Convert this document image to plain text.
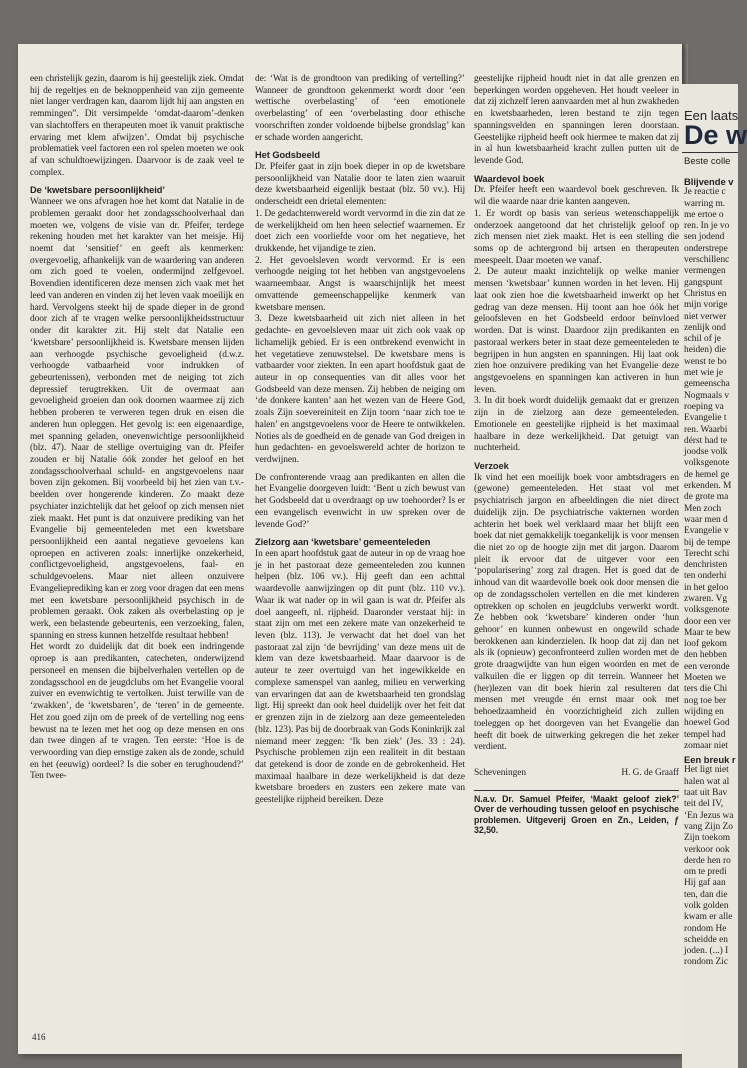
een christelijk gezin, daarom is hij geestelijk ziek. Omdat hij de regeltjes en de beknoppenheid van zijn gemeente niet langer verdragen kan, daarom lijdt hij aan angsten en remmingen”. Dit versimpelde ‘omdat-daarom’-denken van slachtoffers en therapeuten moet ik vanuit praktische ervaring met klem afwijzen’. Omdat bij psychische problematiek veel factoren een rol spelen moeten we ook af van schuldtoewijzingen. Daarvoor is de zaak veel te complex.

De ‘kwetsbare persoonlijkheid’

Wanneer we ons afvragen hoe het komt dat Natalie in de problemen geraakt door het zondagsschoolverhaal dan moeten we, volgens de visie van dr. Pfeifer, terdege rekening houden met het karakter van het meisje. Hij noemt dat ‘sensitief’ en geeft als kenmerken: overgevoelig, afhankelijk van de waardering van anderen om zich goed te voelen, ondermijnd zelfgevoel. Bovendien identificeren deze mensen zich vaak met het leed van anderen en vinden zij het leven vaak moeilijk en hard. Vervolgens steekt hij de spade dieper in de grond door zich af te vragen welke persoonlijkheidsstructuur onder dit karakter zit. Hij stelt dat Natalie een ‘kwetsbare’ persoonlijkheid is. Kwetsbare mensen lijden aan verhoogde psychische gevoeligheid (d.w.z. verhoogde vatbaarheid voor indrukken of gebeurtenissen), verbonden met de neiging tot zich depressief terugtrekken. Uit de overmaat aan gevoeligheid groeien dan ook doornen waarmee zij zich hebben proberen te verweren tegen druk en eisen die anderen hun opleggen. Het gevolg is: een eigenaardige, met spanning geladen, onevenwichtige persoonlijkheid (blz. 47). Naar de stellige overtuiging van dr. Pfeifer zouden er bij Natalie óók zonder het geloof en het zondagsschoolverhaal schuld- en angstgevoelens naar boven zijn gekomen. Bij voorbeeld bij het zien van t.v.-beelden over hongerende kinderen. Zo maakt deze psychiater inzichtelijk dat het geloof op zich mensen niet ziek maakt. Het punt is dat onzuivere prediking van het Evangelie bij gemeenteleden met een kwetsbare persoonlijkheid een aantal negatieve gevoelens kan oproepen en activeren zoals: innerlijke onzekerheid, conflictgevoeligheid, angstgevoelens, faal- en schuldgevoelens. Maar niet alleen onzuivere Evangelieprediking kan er zorg voor dragen dat een mens met een kwetsbare persoonlijkheid psychisch in de problemen geraakt. Ook zaken als overbelasting op je werk, een belastende gebeurtenis, een verzoeking, falen, spanning en stress kunnen hetzelfde resultaat hebben!

Het wordt zo duidelijk dat dit boek een indringende oproep is aan predikanten, catecheten, onderwijzend personeel en mensen die bijbelverhalen vertellen op de zondagsschool en de jeugdclubs om het Evangelie vooral zuiver en evenwichtig te vertolken. Juist terwille van de ‘zwakken’, de ‘kwetsbaren’, de ‘teren’ in de gemeente. Het zou goed zijn om de preek of de vertelling nog eens bewust na te lezen met het oog op deze mensen en ons dan twee dingen af te vragen. Ten eerste: ‘Hoe is de verwoording van diep ernstige zaken als de zonde, schuld en het (eeuwig) oordeel? Is die sober en terughoudend?’ Ten twee-

de: ‘Wat is de grondtoon van prediking of vertelling?’ Wanneer de grondtoon gekenmerkt wordt door ‘een wettische overbelasting’ of ‘een emotionele overbelasting’ of een ‘overbelasting door ethische voorschriften zonder voldoende bijbelse grondslag’ kan er schade worden aangericht.

Het Godsbeeld

Dr. Pfeifer gaat in zijn boek dieper in op de kwetsbare persoonlijkheid van Natalie door te laten zien waaruit deze kwetsbaarheid eigenlijk bestaat (blz. 50 vv.). Hij onderscheidt een drietal elementen:

1. De gedachtenwereld wordt vervormd in die zin dat ze de werkelijkheid om hen heen selectief waarnemen. Er doet zich een voorliefde voor om het negatieve, het drukkende, het vijandige te zien.

2. Het gevoelsleven wordt vervormd. Er is een verhoogde neiging tot het hebben van angstgevoelens waarneembaar. Angst is waarschijnlijk het meest omvattende gemeenschappelijke kenmerk van kwetsbare mensen.

3. Deze kwetsbaarheid uit zich niet alleen in het gedachte- en gevoelsleven maar uit zich ook vaak op lichamelijk gebied. Er is een ontbrekend evenwicht in het vegetatieve zenuwstelsel. De kwetsbare mens is vatbaarder voor ziekten. In een apart hoofdstuk gaat de auteur in op consequenties van dit alles voor het Godsbeeld van deze mensen. Zij hebben de neiging om ‘de donkere kanten’ aan het wezen van de Heere God, zoals Zijn soevereiniteit en Zijn toorn ‘naar zich toe te halen’ en angstgevoelens voor de Heere te ontwikkelen. Noties als de goedheid en de genade van God dreigen in hun gedachten- en gevoelswereld achter de horizon te verdwijnen.

De confronterende vraag aan predikanten en allen die het Evangelie doorgeven luidt: ‘Bent u zich bewust van het Godsbeeld dat u overdraagt op uw toehoorder? Is er een evangelisch evenwicht in uw spreken over de levende God?’

Zielzorg aan ‘kwetsbare’ gemeenteleden

In een apart hoofdstuk gaat de auteur in op de vraag hoe je in het pastoraat deze gemeenteleden zou kunnen helpen (blz. 106 vv.). Hij geeft dan een achttal waardevolle aanwijzingen op dit punt (blz. 110 vv.). Waar ik wat nader op in wil gaan is wat dr. Pfeifer als doel aangeeft, nl. rijpheid. Daaronder verstaat hij: in staat zijn om met een zekere mate van onzekerheid te leven (blz. 113). Je verwacht dat het doel van het pastoraat zal zijn ‘de bevrijding’ van deze mens uit de klem van deze kwetsbaarheid. Maar daarvoor is de auteur te zeer overtuigd van het ingewikkelde en complexe samenspel van aanleg, milieu en verwerking van ervaringen dat aan de kwetsbaarheid ten grondslag ligt. Hij spreekt dan ook heel duidelijk over het feit dat er grenzen zijn in de zielzorg aan deze gemeenteleden (blz. 123). Pas bij de doorbraak van Gods Koninkrijk zal niemand meer zeggen: ‘Ik ben ziek’ (Jes. 33 : 24). Psychische problemen zijn een realiteit in dit bestaan dat getekend is door de zonde en de gebrokenheid. Het maximaal haalbare in deze werkelijkheid is dat deze kwetsbare broeders en zusters een zekere mate van geestelijke rijpheid bereiken. Deze

geestelijke rijpheid houdt niet in dat alle grenzen en beperkingen worden opgeheven. Het houdt veeleer in dat zij zichzelf leren aanvaarden met al hun zwakheden en kwetsbaarheden, leren bestand te zijn tegen spanningsvelden en spanningen leren doorstaan. Geestelijke rijpheid heeft ook hiermee te maken dat zij in al hun kwetsbaarheid kracht zullen putten uit de levende God.

Waardevol boek

Dr. Pfeifer heeft een waardevol boek geschreven. Ik wil die waarde naar drie kanten aangeven.

1. Er wordt op basis van serieus wetenschappelijk onderzoek aangetoond dat het christelijk geloof op zich mensen niet ziek maakt. Het is een stelling die soms op de achtergrond bij artsen en therapeuten meespeelt. Daar moeten we vanaf.

2. De auteur maakt inzichtelijk op welke manier mensen ‘kwetsbaar’ kunnen worden in het leven. Hij laat ook zien hoe die kwetsbaarheid inwerkt op het gedrag van deze mensen. Hij toont aan hoe óók het geloofsleven en het Godsbeeld erdoor beïnvloed worden. Dat is winst. Daardoor zijn predikanten en pastoraal werkers beter in staat deze gemeenteleden te begrijpen in hun angsten en spanningen. Hij laat ook zien hoe onzuivere prediking van het Evangelie deze angstgevoelens en spanningen kan activeren in hun leven.

3. In dit boek wordt duidelijk gemaakt dat er grenzen zijn in de zielzorg aan deze gemeenteleden. Emotionele en geestelijke rijpheid is het maximaal haalbare in deze werkelijkheid. Dat getuigt van nuchterheid.

Verzoek

Ik vind het een moeilijk boek voor ambtsdragers en (gewone) gemeenteleden. Het staat vol met psychiatrisch jargon en afbeeldingen die niet direct duidelijk zijn. De psychiatrische vakternen worden achterin het boek wel verklaard maar het blijft een boek dat niet gemakkelijk toegankelijk is voor mensen die niet zo op de hoogte zijn met dit jargon. Daarom pleit ik ervoor dat de uitgever voor een ‘popularisering’ zorg zal dragen. Het is goed dat de inhoud van dit waardevolle boek ook door mensen die op de zondagsscholen vertellen en die met kinderen optrekken op scholen en jeugdclubs verwerkt wordt. Ze hebben ook ‘kwetsbare’ kinderen onder ‘hun gehoor’ en kunnen onbewust en ongewild schade berokkenen aan kinderzielen. Ik hoop dat zij dan net als ik (opnieuw) geconfronteerd zullen worden met de grote draagwijdte van hun eigen woorden en met de valkuilen die er liggen op dit terrein. Wanneer het (her)lezen van dit boek hierin zal resulteren dat mensen met vreugde én ernst maar ook met behoedzaamheid èn voorzichtigheid zich zullen toeleggen op het doorgeven van het Evangelie dan heeft dit boek de uitwerking gekregen die het zeker verdient.

Scheveningen	H. G. de Graaff
N.a.v. Dr. Samuel Pfeifer, ‘Maakt geloof ziek?’ Over de verhouding tussen geloof en psychische problemen. Uitgeverij Groen en Zn., Leiden, ƒ 32,50.
416
Een laats
De w
Beste colle
Blijvende v
Je reactie c
warring m.
me ertoe o
ren. In je vo
sen jodend
onderstrepe
verschillenc
vermengen
gangspunt
Christus en
mijn vorige
niet verwer
zenlijk ond
schil of je
heiden) die
wenst te bo
met wie je
gemeenscha
Nogmaals v
roeping va
Evangelie t
ren. Waarbi
dérst had te
joodse volk
volksgenote
de hemel ge
erkenden. M
de grote ma
Men zoch
waar men d
Evangelie v
bij de tempe
Terecht schi
denchristen
ten onderhi
in het geloo
zwaren. Vg
volksgenote
door een ver
Maar te bew
loof gekom
den hebben
een veronde
Moeten we
ters die Chi
nog toe ber
wijding en
hoewel God
tempel had
zomaar niet
Een breuk r
Het ligt niet
halen wat al
taat uit Bav
teit del IV,
‘En Jezus wa
vang Zijn Zo
Zijn toekom
verkoor ook
derde hen ro
om te predi
Hij gaf aan
ten, dan die
volk golden
kwam er alle
rondom He
scheidde en
joden. (...) I
rondom Zic
